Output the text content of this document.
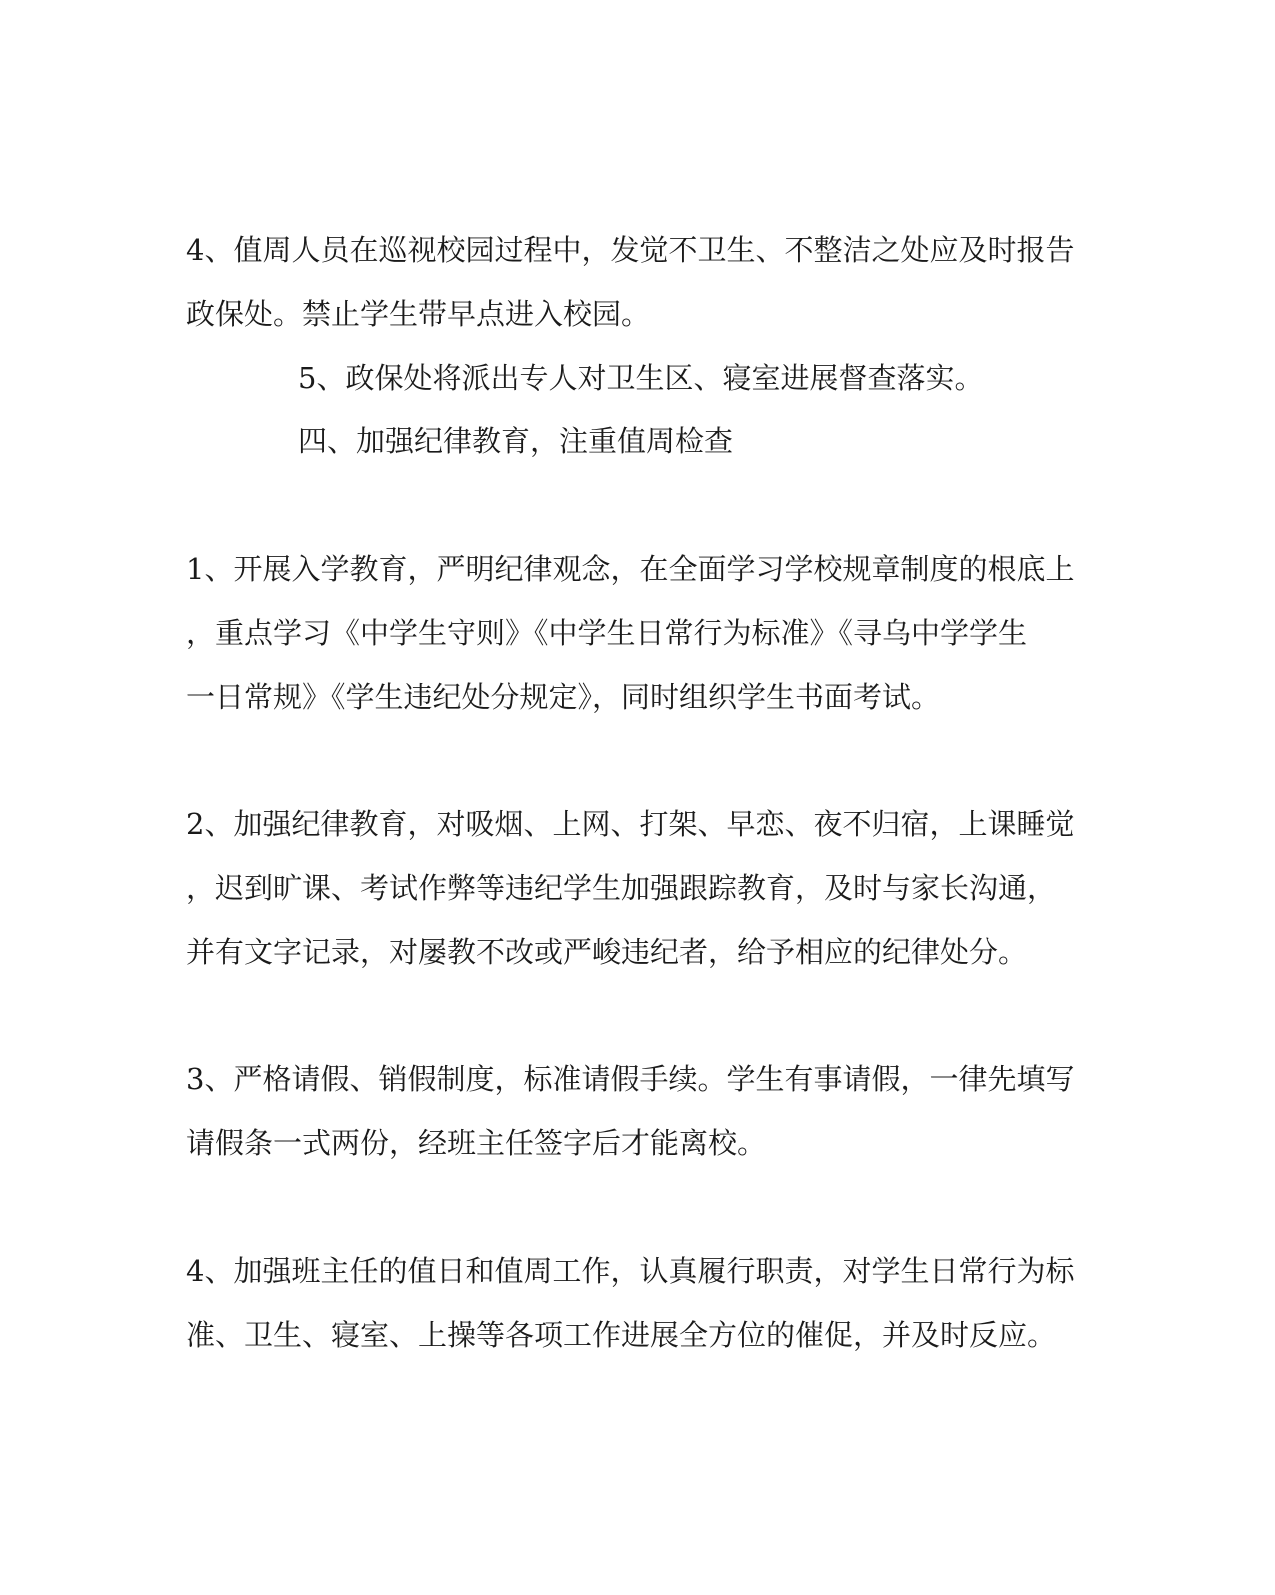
4、值周人员在巡视校园过程中，发觉不卫生、不整洁之处应及时报告

政保处。禁止学生带早点进入校园。

5、政保处将派出专人对卫生区、寝室进展督查落实。

四、加强纪律教育，注重值周检查

1、开展入学教育，严明纪律观念，在全面学习学校规章制度的根底上

，重点学习《中学生守则》《中学生日常行为标准》《寻乌中学学生

一日常规》《学生违纪处分规定》，同时组织学生书面考试。

2、加强纪律教育，对吸烟、上网、打架、早恋、夜不归宿，上课睡觉

，迟到旷课、考试作弊等违纪学生加强跟踪教育，及时与家长沟通，

并有文字记录，对屡教不改或严峻违纪者，给予相应的纪律处分。

3、严格请假、销假制度，标准请假手续。学生有事请假，一律先填写

请假条一式两份，经班主任签字后才能离校。

4、加强班主任的值日和值周工作，认真履行职责，对学生日常行为标

准、卫生、寝室、上操等各项工作进展全方位的催促，并及时反应。
